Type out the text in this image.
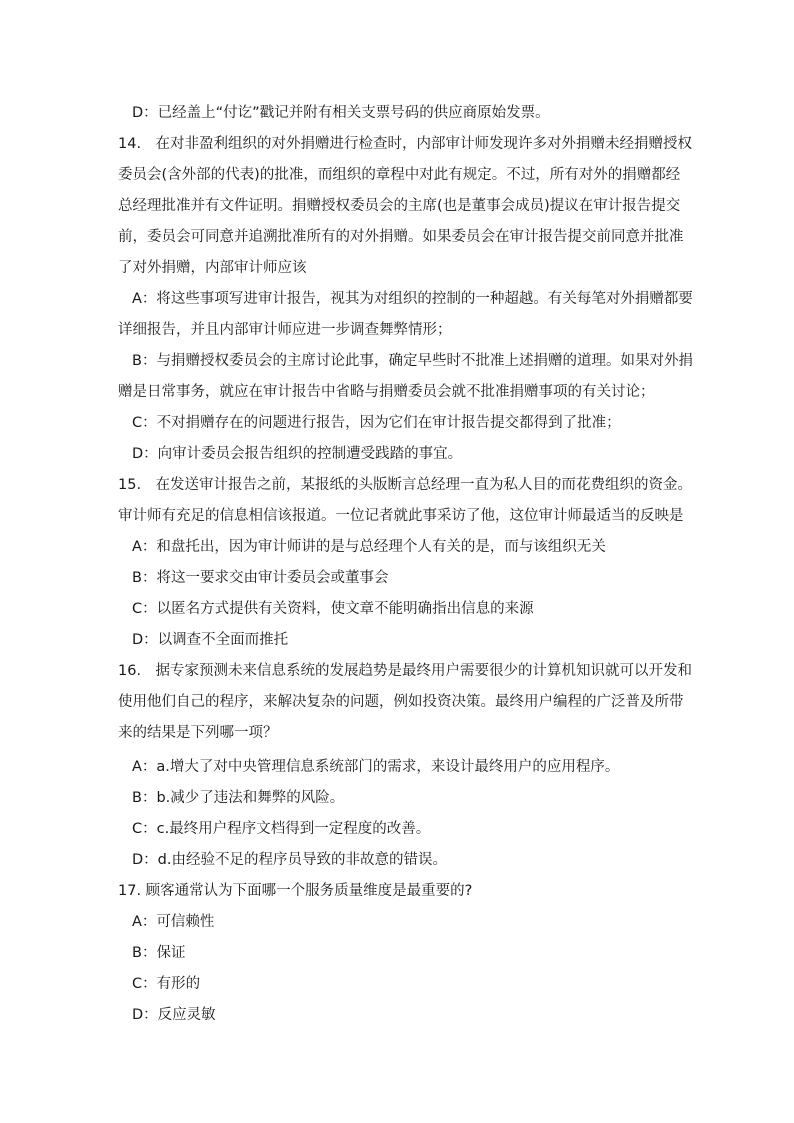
D：已经盖上“付讫”戳记并附有相关支票号码的供应商原始发票。
14.　在对非盈利组织的对外捐赠进行检查时，内部审计师发现许多对外捐赠未经捐赠授权
委员会(含外部的代表)的批准，而组织的章程中对此有规定。不过，所有对外的捐赠都经
总经理批准并有文件证明。捐赠授权委员会的主席(也是董事会成员)提议在审计报告提交
前，委员会可同意并追溯批准所有的对外捐赠。如果委员会在审计报告提交前同意并批准
了对外捐赠，内部审计师应该
A：将这些事项写进审计报告，视其为对组织的控制的一种超越。有关每笔对外捐赠都要
详细报告，并且内部审计师应进一步调查舞弊情形；
B：与捐赠授权委员会的主席讨论此事，确定早些时不批准上述捐赠的道理。如果对外捐
赠是日常事务，就应在审计报告中省略与捐赠委员会就不批准捐赠事项的有关讨论；
C：不对捐赠存在的问题进行报告，因为它们在审计报告提交都得到了批准；
D：向审计委员会报告组织的控制遭受践踏的事宜。
15.　在发送审计报告之前，某报纸的头版断言总经理一直为私人目的而花费组织的资金。
审计师有充足的信息相信该报道。一位记者就此事采访了他，这位审计师最适当的反映是
A：和盘托出，因为审计师讲的是与总经理个人有关的是，而与该组织无关
B：将这一要求交由审计委员会或董事会
C：以匿名方式提供有关资料，使文章不能明确指出信息的来源
D：以调查不全面而推托
16.　据专家预测未来信息系统的发展趋势是最终用户需要很少的计算机知识就可以开发和
使用他们自己的程序，来解决复杂的问题，例如投资决策。最终用户编程的广泛普及所带
来的结果是下列哪一项？
A：a.增大了对中央管理信息系统部门的需求，来设计最终用户的应用程序。
B：b.减少了违法和舞弊的风险。
C：c.最终用户程序文档得到一定程度的改善。
D：d.由经验不足的程序员导致的非故意的错误。
17. 顾客通常认为下面哪一个服务质量维度是最重要的?
A：可信赖性
B：保证
C：有形的
D：反应灵敏
